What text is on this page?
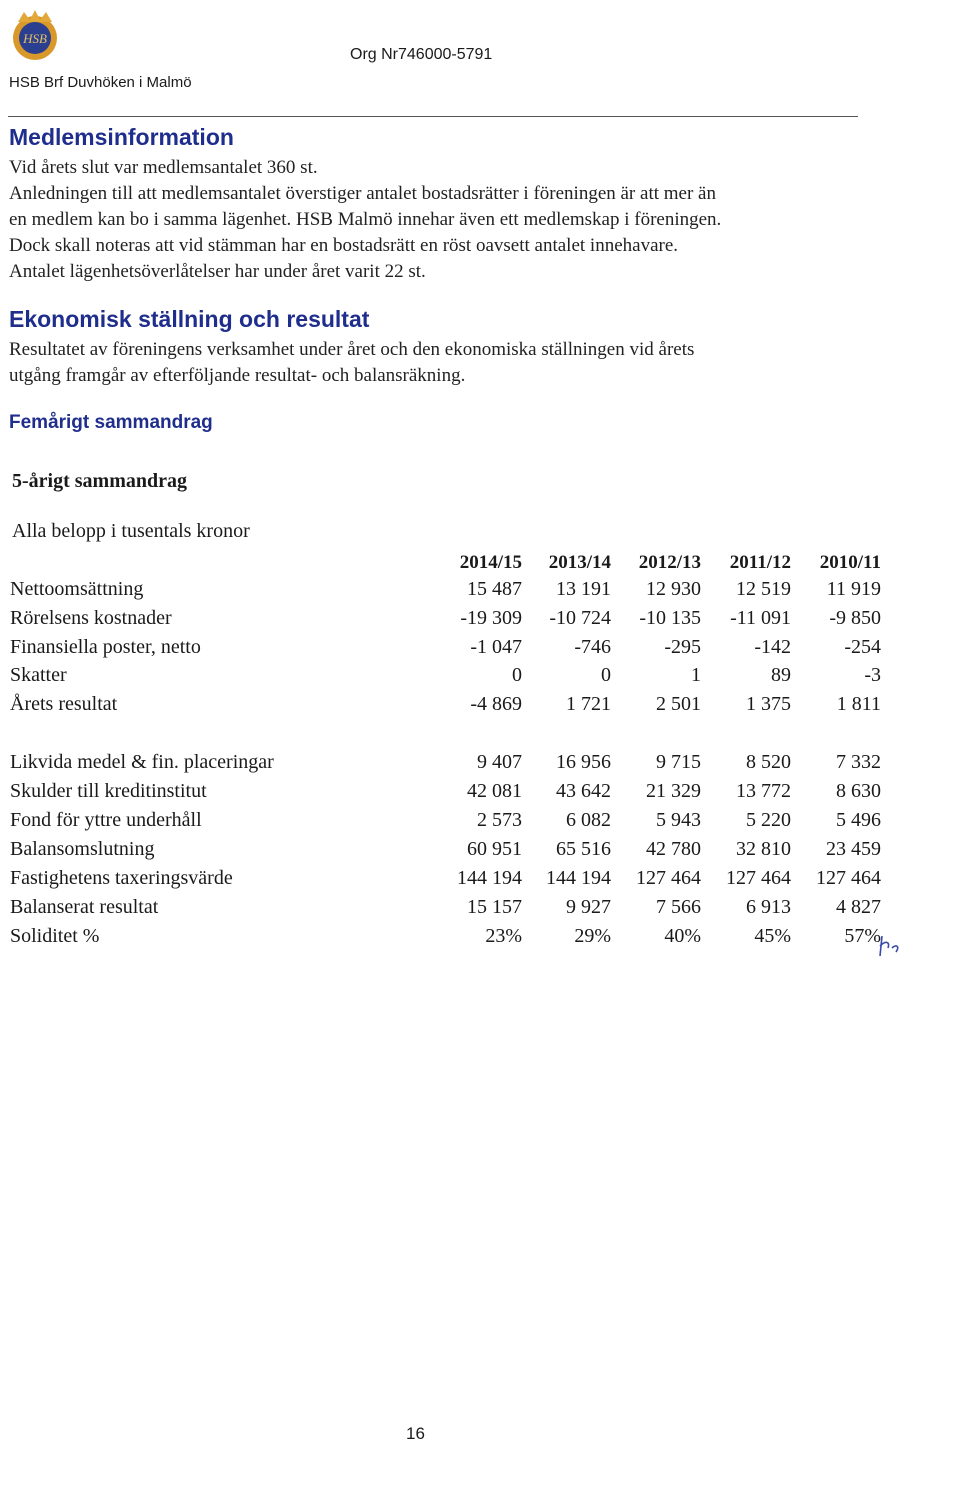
HSB
HSB Brf Duvhöken i Malmö
Org Nr746000-5791
Medlemsinformation
Vid årets slut var medlemsantalet 360 st.
Anledningen till att medlemsantalet överstiger antalet bostadsrätter i föreningen är att mer än
en medlem kan bo i samma lägenhet. HSB Malmö innehar även ett medlemskap i föreningen.
Dock skall noteras att vid stämman har en bostadsrätt en röst oavsett antalet innehavare.
Antalet lägenhetsöverlåtelser har under året varit 22 st.
Ekonomisk ställning och resultat
Resultatet av föreningens verksamhet under året och den ekonomiska ställningen vid årets
utgång framgår av efterföljande resultat- och balansräkning.
Femårigt sammandrag
5-årigt sammandrag
Alla belopp i tusentals kronor
2014/15	2013/14	2012/13	2011/12	2010/11
Nettoomsättning	15 487	13 191	12 930	12 519	11 919
Rörelsens kostnader	-19 309	-10 724	-10 135	-11 091	-9 850
Finansiella poster, netto	-1 047	-746	-295	-142	-254
Skatter	0	0	1	89	-3
Årets resultat	-4 869	1 721	2 501	1 375	1 811
Likvida medel & fin. placeringar	9 407	16 956	9 715	8 520	7 332
Skulder till kreditinstitut	42 081	43 642	21 329	13 772	8 630
Fond för yttre underhåll	2 573	6 082	5 943	5 220	5 496
Balansomslutning	60 951	65 516	42 780	32 810	23 459
Fastighetens taxeringsvärde	144 194	144 194	127 464	127 464	127 464
Balanserat resultat	15 157	9 927	7 566	6 913	4 827
Soliditet %	23%	29%	40%	45%	57%
16
